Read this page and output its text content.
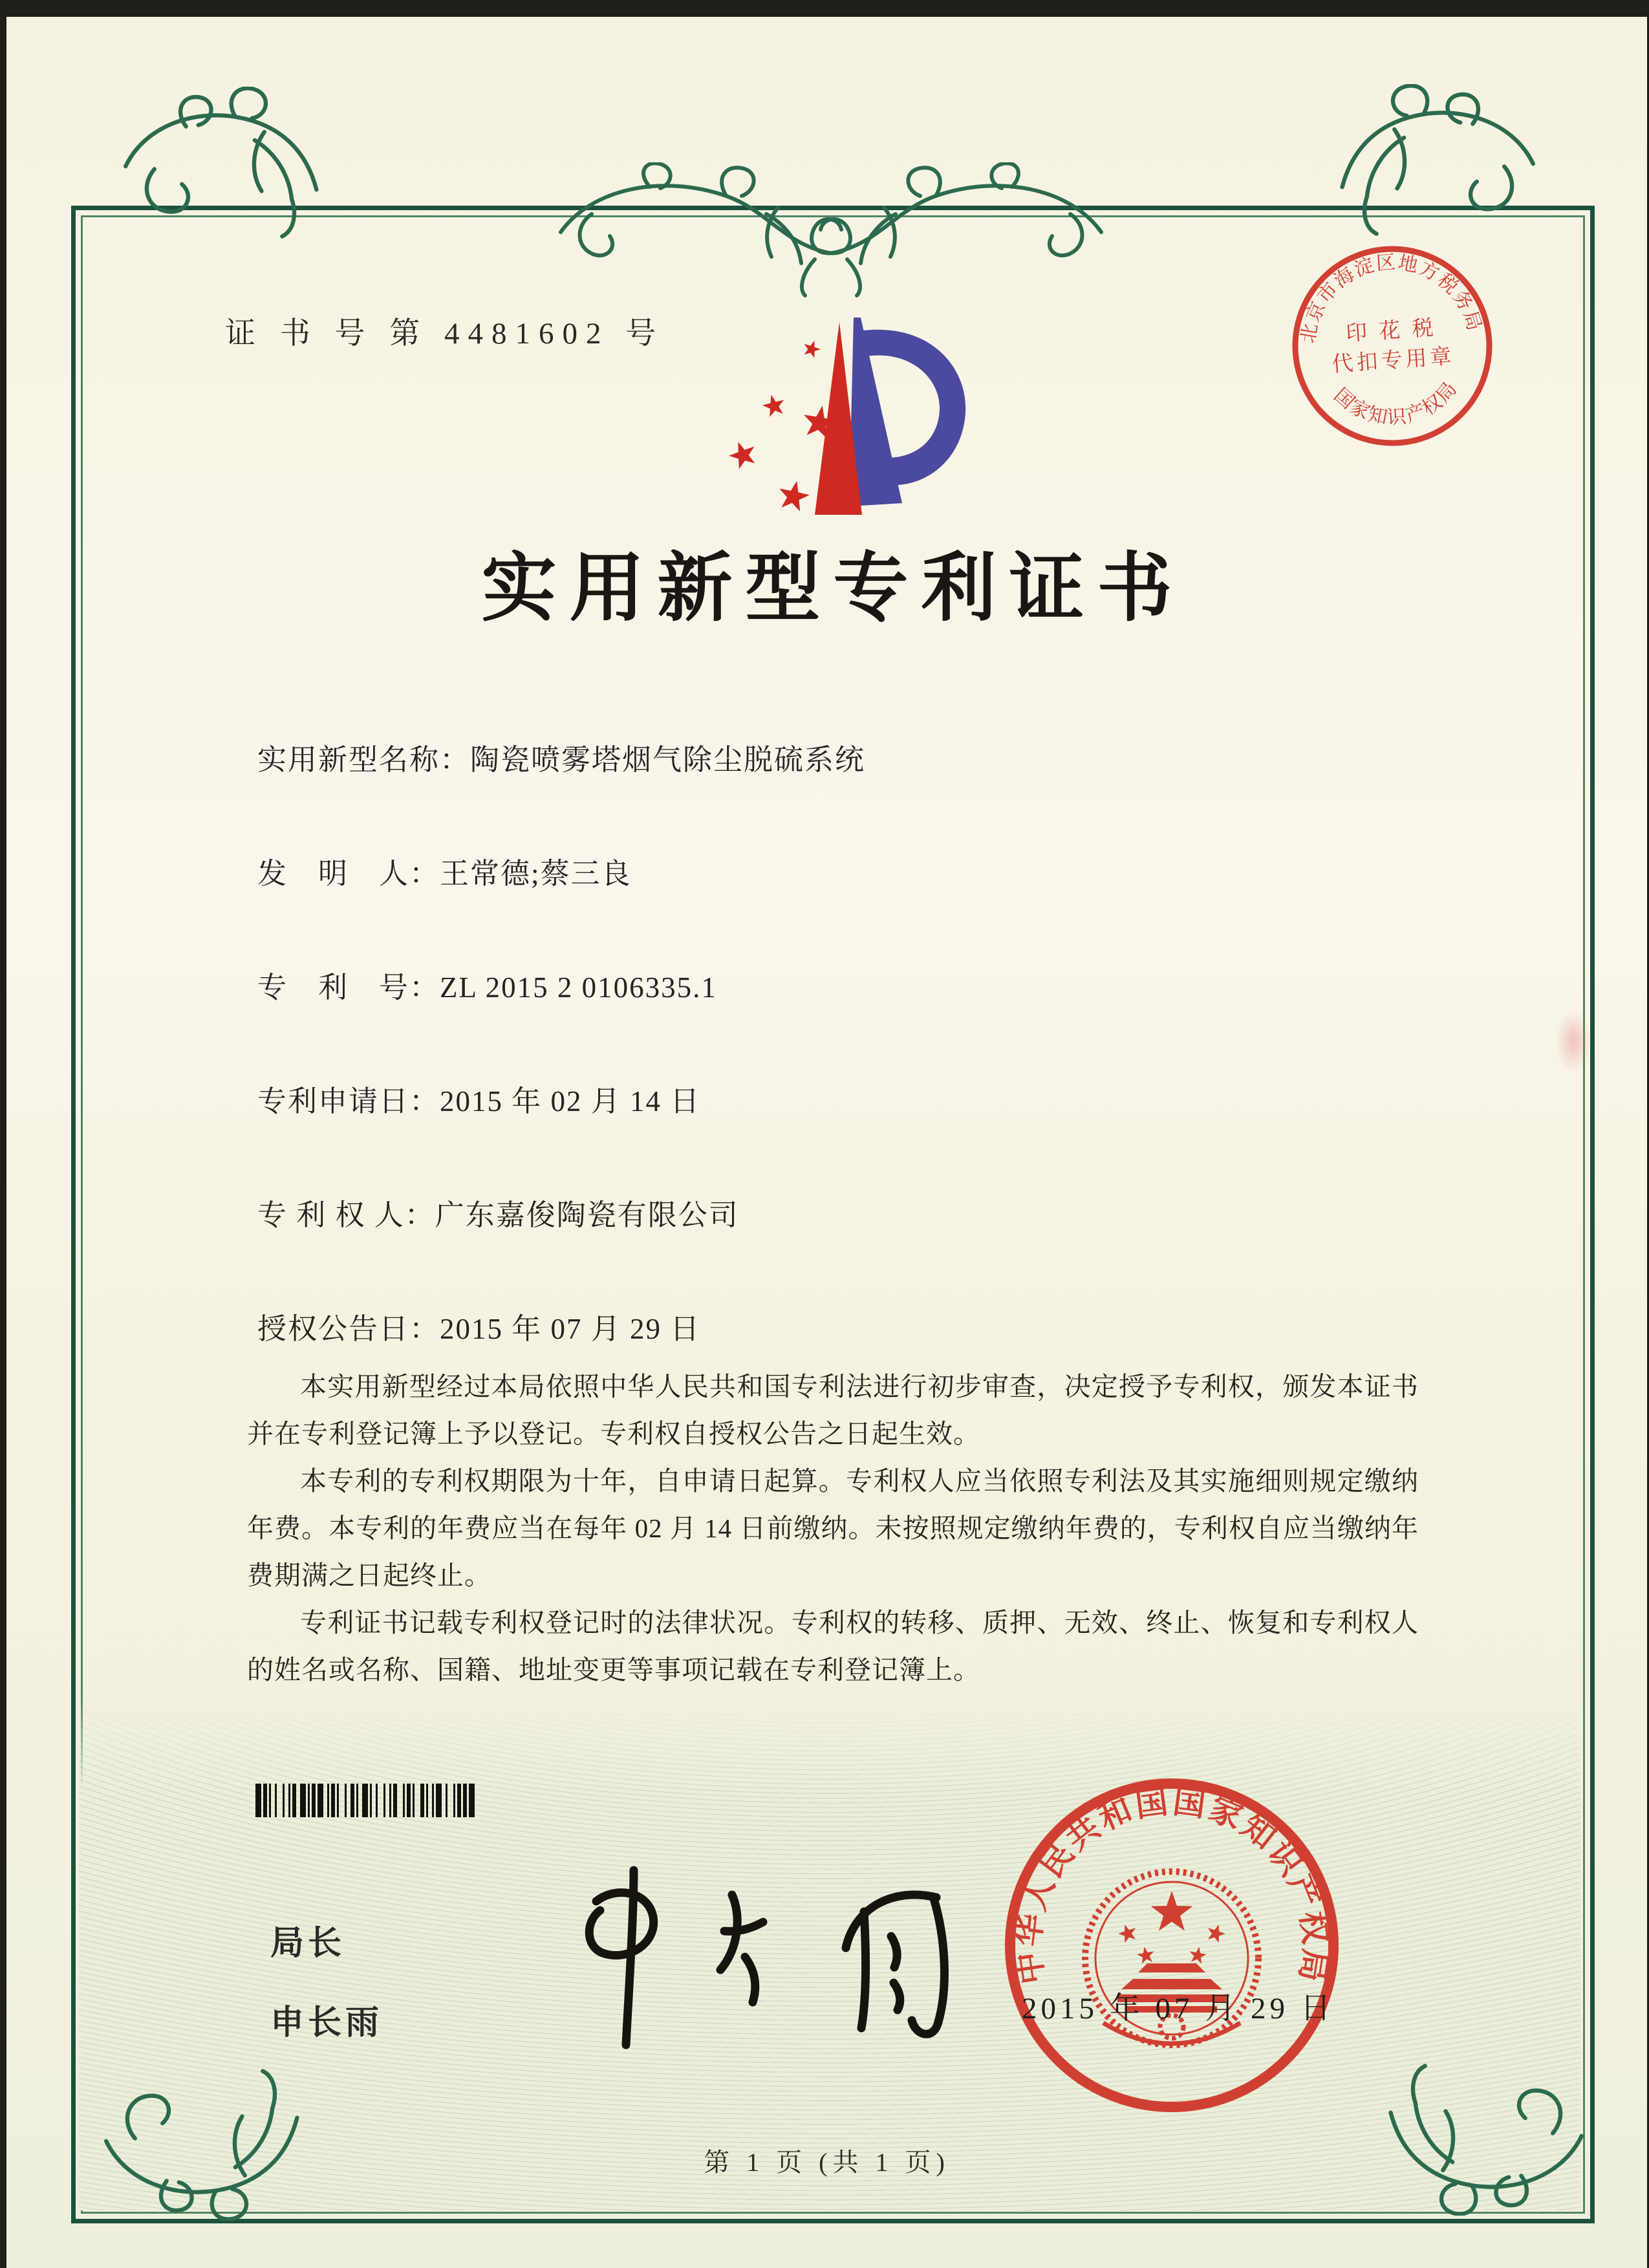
证 书 号 第 4481602 号
实用新型专利证书
北京市海淀区地方税务局
国家知识产权局
印 花 税
代扣专用章
实用新型名称：陶瓷喷雾塔烟气除尘脱硫系统
发　明　人：王常德;蔡三良
专　利　号：ZL 2015 2 0106335.1
专利申请日：2015 年 02 月 14 日
专 利 权 人：广东嘉俊陶瓷有限公司
授权公告日：2015 年 07 月 29 日

本实用新型经过本局依照中华人民共和国专利法进行初步审查，决定授予专利权，颁发本证书并在专利登记簿上予以登记。专利权自授权公告之日起生效。

本专利的专利权期限为十年，自申请日起算。专利权人应当依照专利法及其实施细则规定缴纳年费。本专利的年费应当在每年 02 月 14 日前缴纳。未按照规定缴纳年费的，专利权自应当缴纳年费期满之日起终止。

专利证书记载专利权登记时的法律状况。专利权的转移、质押、无效、终止、恢复和专利权人的姓名或名称、国籍、地址变更等事项记载在专利登记簿上。

局长
申长雨
中华人民共和国国家知识产权局
2015 年 07 月 29 日
第 1 页 (共 1 页)
